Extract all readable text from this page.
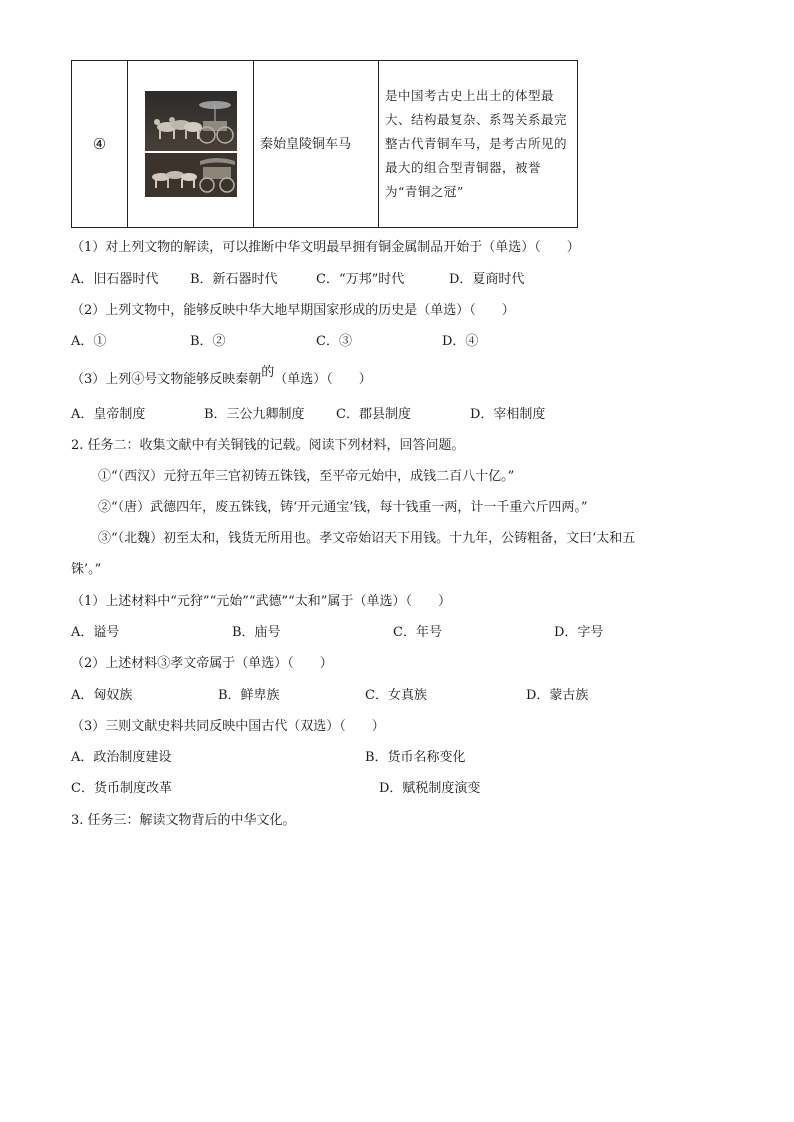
④		秦始皇陵铜车马	是中国考古史上出土的体型最大、结构最复杂、系驾关系最完整古代青铜车马，是考古所见的最大的组合型青铜器，被誉为“青铜之冠”
（1）对上列文物的解读，可以推断中华文明最早拥有铜金属制品开始于（单选）（　　）
A．旧石器时代 B．新石器时代	C．“万邦”时代	D．夏商时代
（2）上列文物中，能够反映中华大地早期国家形成的历史是（单选）（　　）
A．①	B．②	C．③	D．④
（3）上列④号文物能够反映秦朝的（单选）（　　）
A．皇帝制度	B．三公九卿制度 C．郡县制度	D．宰相制度
2. 任务二：收集文献中有关铜钱的记载。阅读下列材料，回答问题。
①“（西汉）元狩五年三官初铸五铢钱，至平帝元始中，成钱二百八十亿。”
②“（唐）武德四年，废五铢钱，铸‘开元通宝’钱，每十钱重一两，计一千重六斤四两。”
③“（北魏）初至太和，钱货无所用也。孝文帝始诏天下用钱。十九年，公铸粗备，文曰‘太和五
铢’。”
（1）上述材料中“元狩”“元始”“武德”“太和”属于（单选）（　　）
A．谥号	B．庙号	C．年号	D．字号
（2）上述材料③孝文帝属于（单选）（　　）
A．匈奴族	B．鲜卑族	C．女真族	D．蒙古族
（3）三则文献史料共同反映中国古代（双选）（　　）
A．政治制度建设	B．货币名称变化
C．货币制度改革	D．赋税制度演变
3. 任务三：解读文物背后的中华文化。
